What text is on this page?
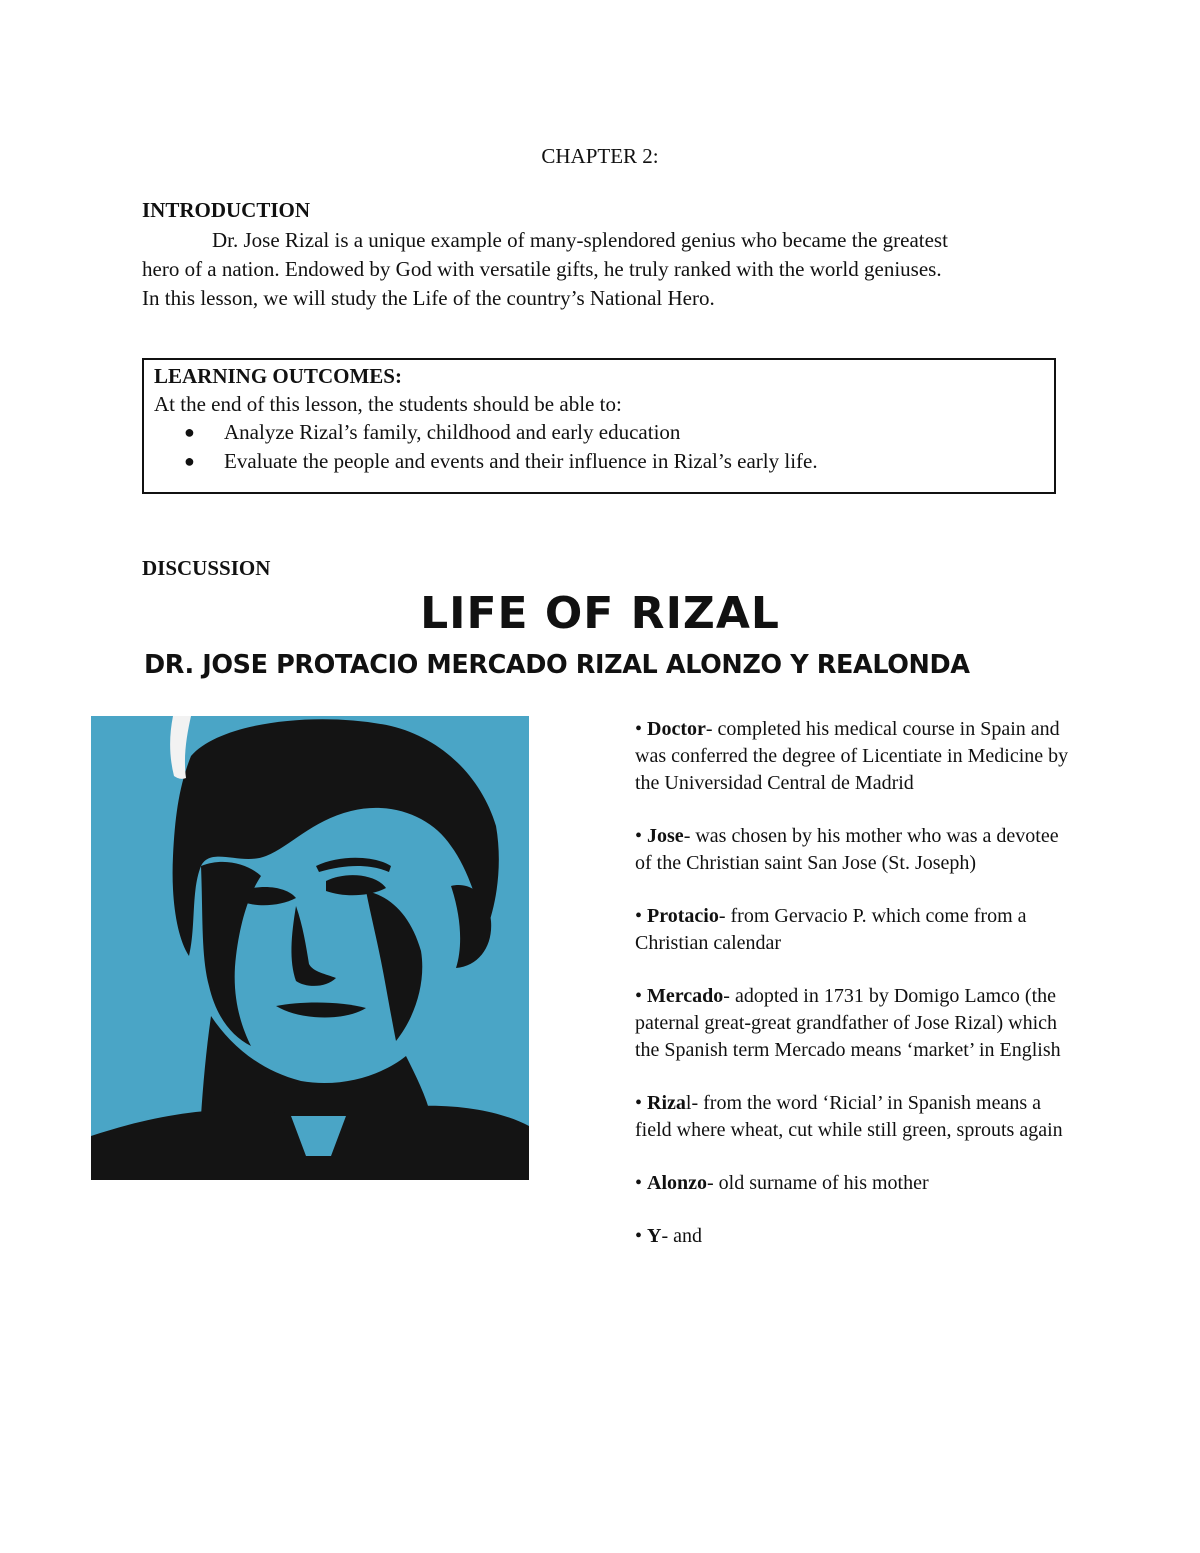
CHAPTER 2:
INTRODUCTION
Dr. Jose Rizal is a unique example of many-splendored genius who became the greatest
hero of a nation. Endowed by God with versatile gifts, he truly ranked with the world geniuses.
In this lesson, we will study the Life of the country’s National Hero.
LEARNING OUTCOMES:
At the end of this lesson, the students should be able to:
●	Analyze Rizal’s family, childhood and early education
●	Evaluate the people and events and their influence in Rizal’s early life.
DISCUSSION
LIFE OF RIZAL
DR. JOSE PROTACIO MERCADO RIZAL ALONZO Y REALONDA
• Doctor- completed his medical course in Spain and was conferred the degree of Licentiate in Medicine by the Universidad Central de Madrid
• Jose- was chosen by his mother who was a devotee of the Christian saint San Jose (St. Joseph)
• Protacio- from Gervacio P. which come from a Christian calendar
• Mercado- adopted in 1731 by Domigo Lamco (the paternal great-great grandfather of Jose Rizal) which the Spanish term Mercado means ‘market’ in English
• Rizal- from the word ‘Ricial’ in Spanish means a field where wheat, cut while still green, sprouts again
• Alonzo- old surname of his mother
• Y- and
